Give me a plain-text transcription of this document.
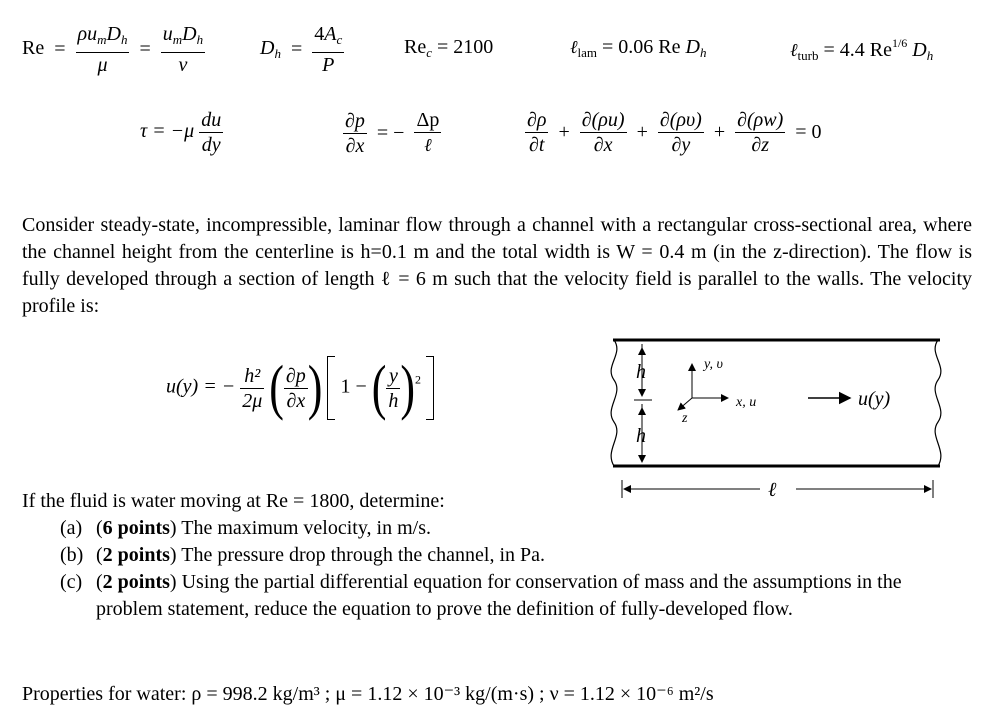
Re =
$\rho u_mD_h$
μ
=
$u_mD_h$
ν
$D_h = \frac{4A_c}{P}$	$Re_c = 2100$	ℓ$_{lam}$ = 0.06 Re $D_h$	ℓ$_{turb}$ = 4.4 $Re^{1/6}$ $D_h$
$\tau = -\mu \frac{du}{dy}$	$\frac{\partial p}{\partial x}$ = −
Δp
ℓ	$\frac{\partial\rho}{\partial t} + \frac{\partial(\rho u)}{\partial x} + \frac{\partial(\rho\upsilon)}{\partial y} + \frac{\partial(\rho w)}{\partial z} = 0$
Consider steady-state, incompressible, laminar flow through a channel with a rectangular cross-sectional area, where the channel height from the centerline is h=0.1 m and the total width is W = 0.4 m (in the z-direction). The flow is fully developed through a section of length ℓ = 6 m such that the velocity field is parallel to the walls. The velocity profile is:
u(y) = − $\frac{\text{h²}}{2\mu}$ ( $\frac{\partial p}{\partial x}$ ) 1 − ( $\frac{y}{h} )^2$	h
h
y, υ
x, u
z
u(y)
ℓ
If the fluid is water moving at Re = 1800, determine:
(a) (6 points) The maximum velocity, in m/s.
(b) (2 points) The pressure drop through the channel, in Pa.
(c) (2 points) Using the partial differential equation for conservation of mass and the assumptions in the problem statement, reduce the equation to prove the definition of fully-developed flow.
Properties for water: ρ = 998.2 kg/m³ ; μ = 1.12 × 10⁻³ kg/(m·s) ; ν = 1.12 × 10⁻⁶ m²/s
